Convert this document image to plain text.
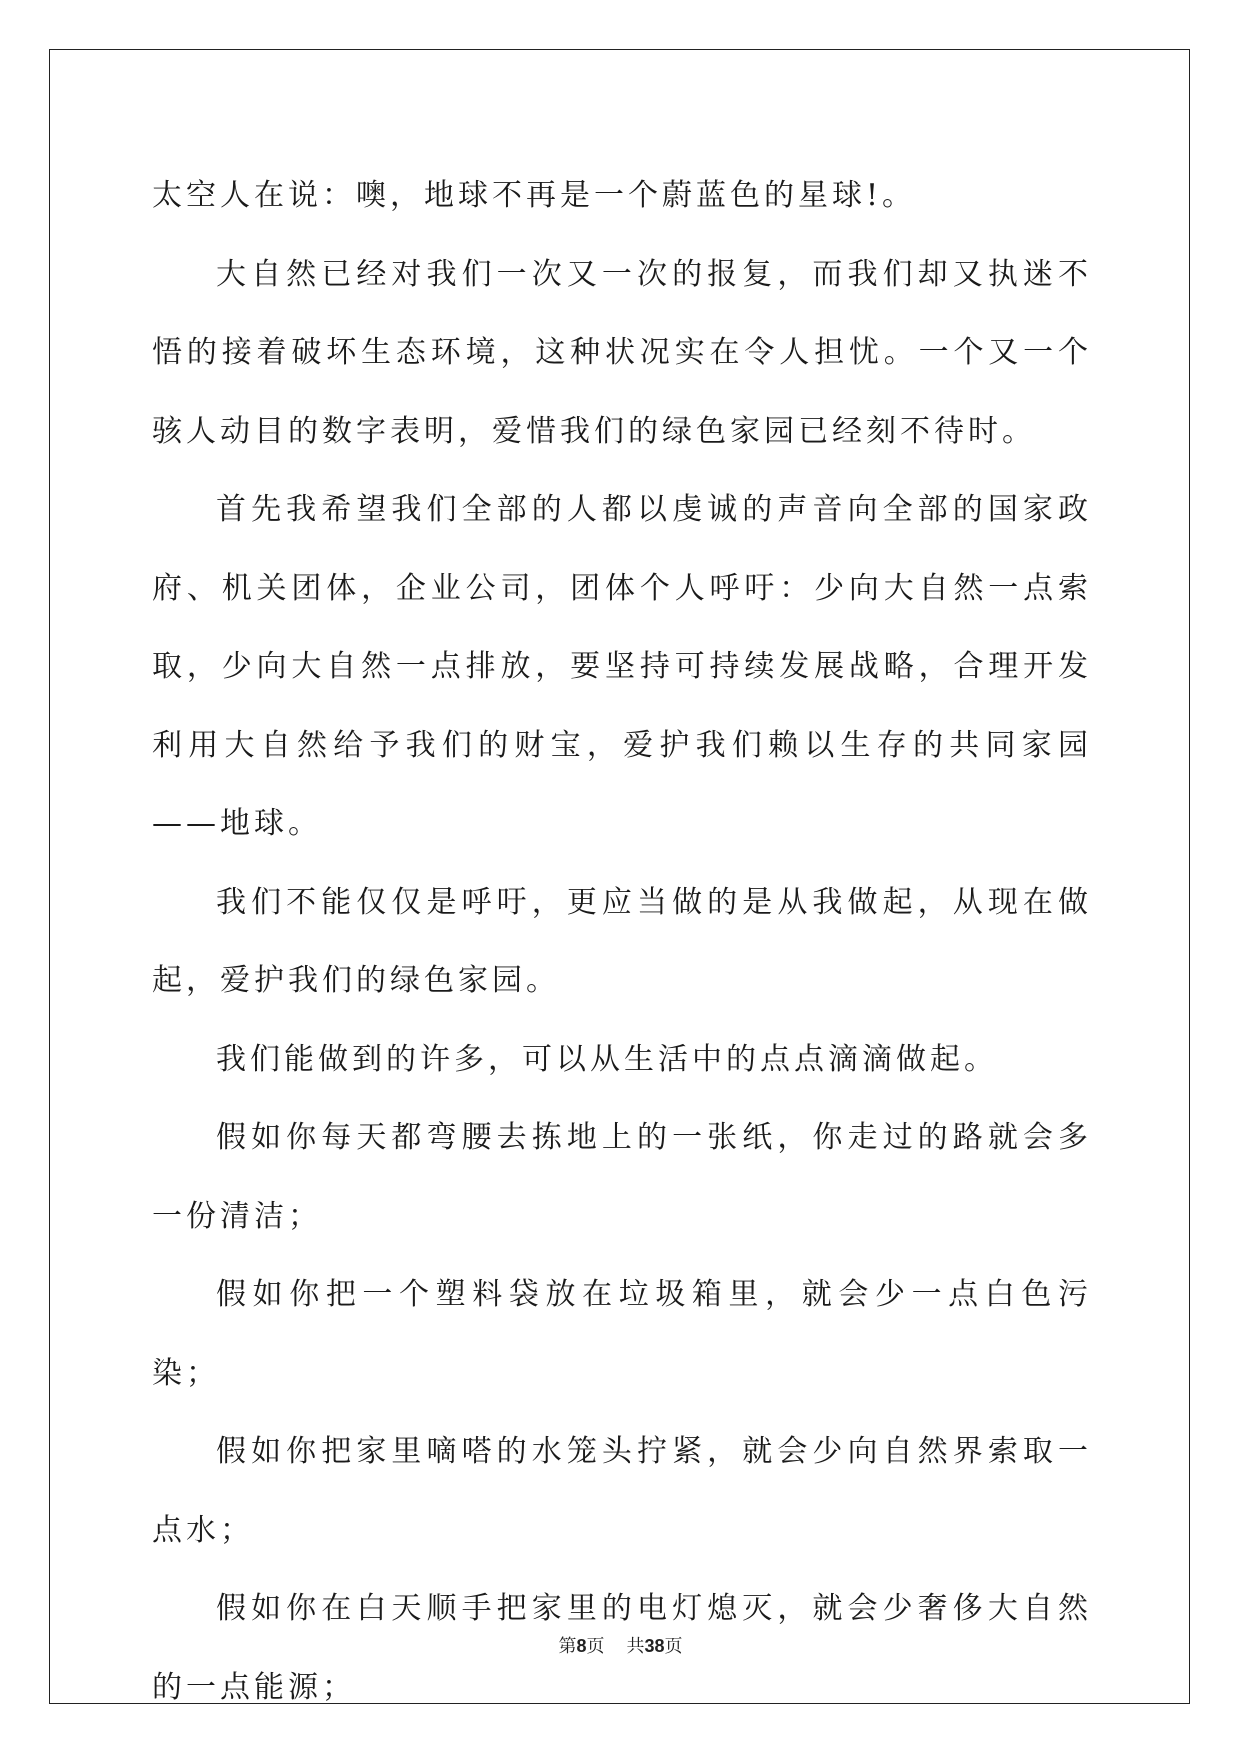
太空人在说：噢，地球不再是一个蔚蓝色的星球!。

大自然已经对我们一次又一次的报复，而我们却又执迷不悟的接着破坏生态环境，这种状况实在令人担忧。一个又一个骇人动目的数字表明，爱惜我们的绿色家园已经刻不待时。

首先我希望我们全部的人都以虔诚的声音向全部的国家政府、机关团体，企业公司，团体个人呼吁：少向大自然一点索取，少向大自然一点排放，要坚持可持续发展战略，合理开发利用大自然给予我们的财宝，爱护我们赖以生存的共同家园——地球。

我们不能仅仅是呼吁，更应当做的是从我做起，从现在做起，爱护我们的绿色家园。

我们能做到的许多，可以从生活中的点点滴滴做起。

假如你每天都弯腰去拣地上的一张纸，你走过的路就会多一份清洁；

假如你把一个塑料袋放在垃圾箱里，就会少一点白色污染；

假如你把家里嘀嗒的水笼头拧紧，就会少向自然界索取一点水；

假如你在白天顺手把家里的电灯熄灭，就会少奢侈大自然的一点能源；

第8页 共38页
